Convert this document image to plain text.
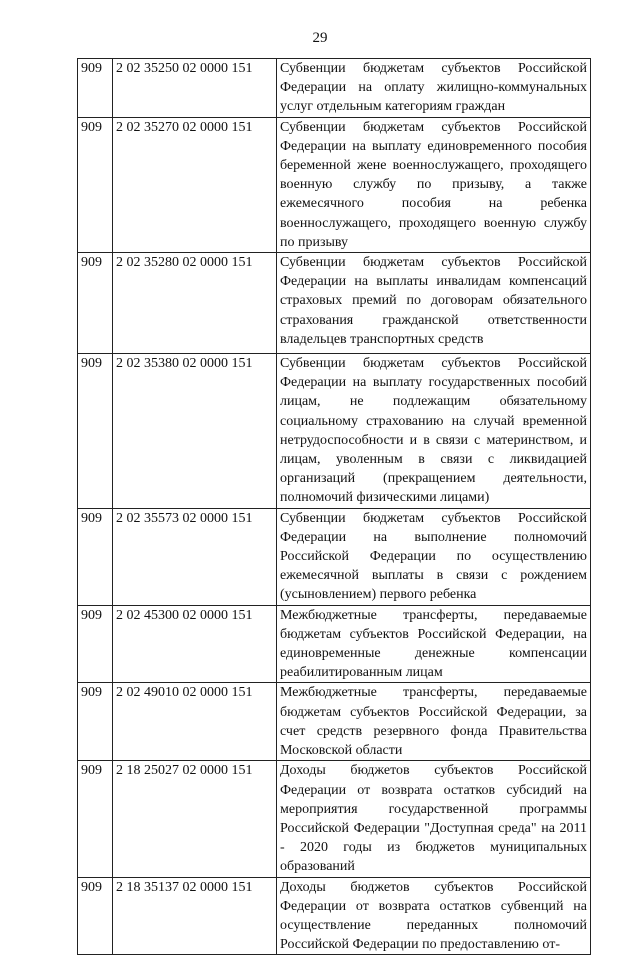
29
909	2 02 35250 02 0000 151	Субвенции бюджетам субъектов Российской Федерации на оплату жилищно-коммунальных услуг отдельным категориям граждан
909	2 02 35270 02 0000 151	Субвенции бюджетам субъектов Российской Федерации на выплату единовременного пособия беременной жене военнослужащего, проходящего военную службу по призыву, а также ежемесячного пособия на ребенка военнослужащего, проходящего военную службу по призыву
909	2 02 35280 02 0000 151	Субвенции бюджетам субъектов Российской Федерации на выплаты инвалидам компенсаций страховых премий по договорам обязательного страхования гражданской ответственности владельцев транспортных средств
909	2 02 35380 02 0000 151	Субвенции бюджетам субъектов Российской Федерации на выплату государственных пособий лицам, не подлежащим обязательному социальному страхованию на случай временной нетрудоспособности и в связи с материнством, и лицам, уволенным в связи с ликвидацией организаций (прекращением деятельности, полномочий физическими лицами)
909	2 02 35573 02 0000 151	Субвенции бюджетам субъектов Российской Федерации на выполнение полномочий Российской Федерации по осуществлению ежемесячной выплаты в связи с рождением (усыновлением) первого ребенка
909	2 02 45300 02 0000 151	Межбюджетные трансферты, передаваемые бюджетам субъектов Российской Федерации, на единовременные денежные компенсации реабилитированным лицам
909	2 02 49010 02 0000 151	Межбюджетные трансферты, передаваемые бюджетам субъектов Российской Федерации, за счет средств резервного фонда Правительства Московской области
909	2 18 25027 02 0000 151	Доходы бюджетов субъектов Российской Федерации от возврата остатков субсидий на мероприятия государственной программы Российской Федерации "Доступная среда" на 2011 - 2020 годы из бюджетов муниципальных образований
909	2 18 35137 02 0000 151	Доходы бюджетов субъектов Российской Федерации от возврата остатков субвенций на осуществление переданных полномочий Российской Федерации по предоставлению от-
